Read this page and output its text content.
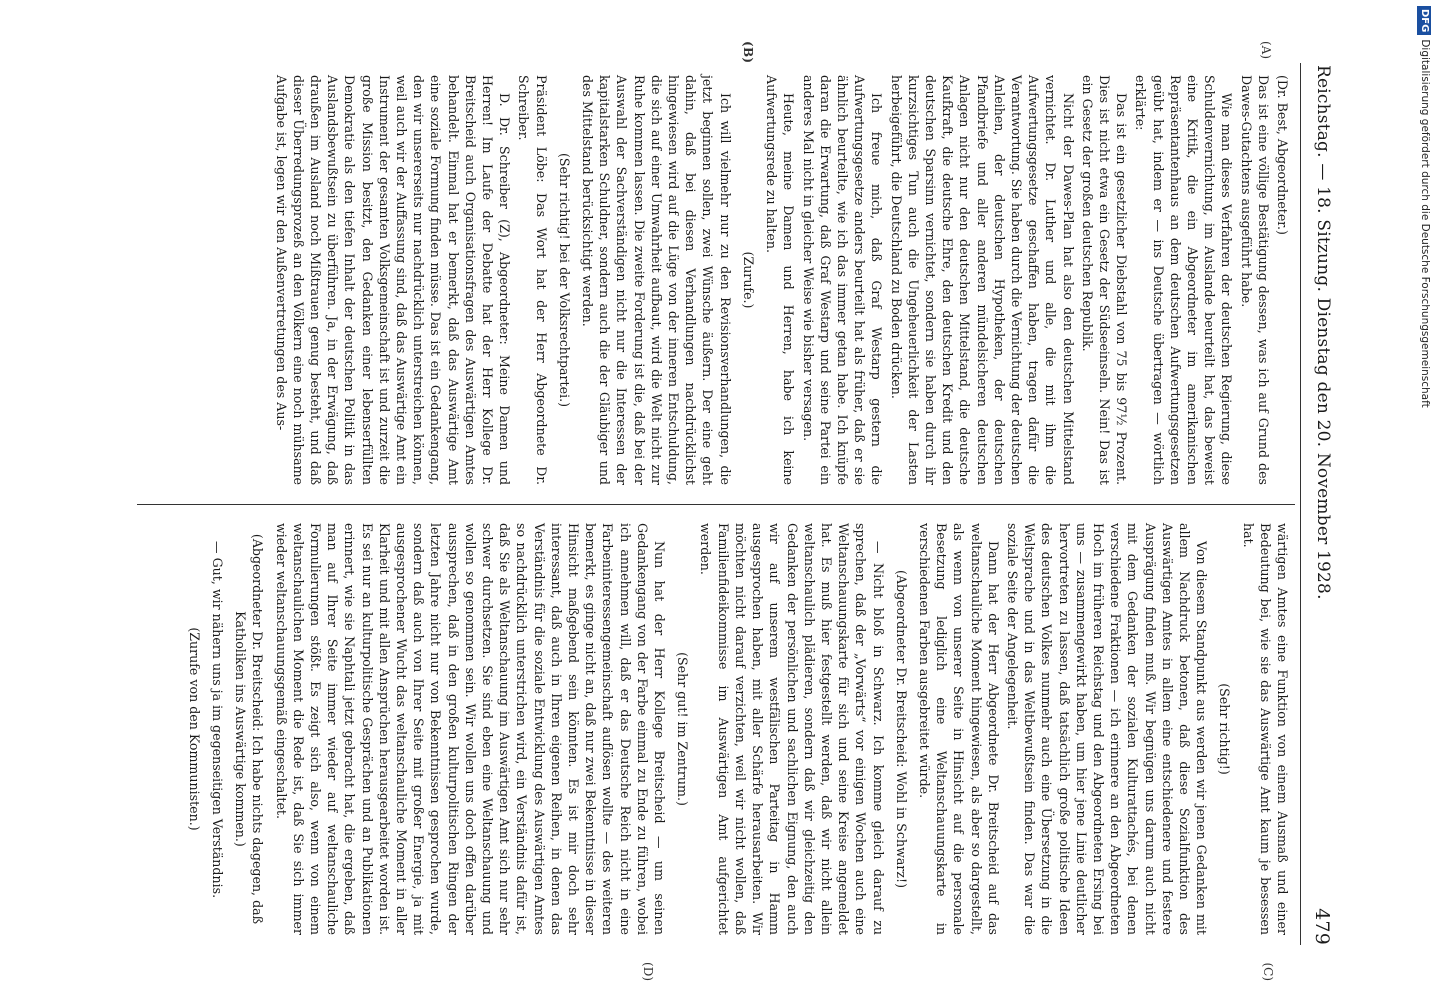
Reichstag. — 18. Sitzung. Dienstag den 20. November 1928.
479
(A)
(B)
(C)
(D)

(Dr. Best, Abgeordneter.)

Das ist eine völlige Bestätigung dessen, was ich auf Grund des Dawes-Gutachtens ausgeführt habe.

Wie man dieses Verfahren der deutschen Regierung, diese Schuldenvernichtung, im Auslande beurteilt hat, das beweist eine Kritik, die ein Abgeordneter im amerikanischen Repräsentantenhaus an dem deutschen Aufwertungsgesetzen geübt hat, indem er — ins Deutsche übertragen — wörtlich erklärte:

Das ist ein gesetzlicher Diebstahl von 75 bis 97½ Prozent. Dies ist nicht etwa ein Gesetz der Südseeinseln. Nein! Das ist ein Gesetz der großen deutschen Republik.

Nicht der Dawes-Plan hat also den deutschen Mittelstand vernichtet. Dr. Luther und alle, die mit ihm die Aufwertungsgesetze geschaffen haben, tragen dafür die Verantwortung. Sie haben durch die Vernichtung der deutschen Anleihen, der deutschen Hypotheken, der deutschen Pfandbriefe und aller anderen mündelsicheren deutschen Anlagen nicht nur den deutschen Mittelstand, die deutsche Kaufkraft, die deutsche Ehre, den deutschen Kredit und den deutschen Sparsinn vernichtet, sondern sie haben durch ihr kurzsichtiges Tun auch die Ungeheuerlichkeit der Lasten herbeigeführt, die Deutschland zu Boden drücken.

Ich freue mich, daß Graf Westarp gestern die Aufwertungsgesetze anders beurteilt hat als früher, daß er sie ähnlich beurteilte, wie ich das immer getan habe. Ich knüpfe daran die Erwartung, daß Graf Westarp und seine Partei ein anderes Mal nicht in gleicher Weise wie bisher versagen.

Heute, meine Damen und Herren, habe ich keine Aufwertungsrede zu halten.

(Zurufe.)

Ich will vielmehr nur zu den Revisionsverhandlungen, die jetzt beginnen sollen, zwei Wünsche äußern. Der eine geht dahin, daß bei diesen Verhandlungen nachdrücklichst hingewiesen wird auf die Lüge von der inneren Entschuldung, die sich auf einer Umwahrheit aufbaut, wird die Welt nicht zur Ruhe kommen lassen. Die zweite Forderung ist die, daß bei der Auswahl der Sachverständigen nicht nur die Interessen der kapitalstarken Schuldner, sondern auch die der Gläubiger und des Mittelstand berücksichtigt werden.

(Sehr richtig! bei der Volksrechtpartei.)

Präsident Löbe: Das Wort hat der Herr Abgeordnete Dr. Schreiber.

D. Dr. Schreiber (Z), Abgeordneter: Meine Damen und Herren! Im Laufe der Debatte hat der Herr Kollege Dr. Breitscheid auch Organisationsfragen des Auswärtigen Amtes behandelt. Einmal hat er bemerkt, daß das Auswärtige Amt eine soziale Formung finden müsse. Das ist ein Gedankengang, den wir unsererseits nur nachdrücklich unterstreichen können, weil auch wir der Auffassung sind, daß das Auswärtige Amt ein Instrument der gesamten Volksgemeinschaft ist und zurzeit die große Mission besitzt, den Gedanken einer lebenserfüllten Demokratie als den tiefen Inhalt der deutschen Politik in das Auslandsbewußtsein zu überführen. Ja, in der Erwägung, daß draußen im Ausland noch Mißtrauen genug besteht, und daß dieser Überredungsprozeß an den Völkern eine noch mühsame Aufgabe ist, legen wir den Außenvertretungen des Aus-

wärtigen Amtes eine Funktion von einem Ausmaß und einer Bedeutung bei, wie sie das Auswärtige Amt kaum je besessen hat.

(Sehr richtig!)

Von diesem Standpunkt aus werden wir jenen Gedanken mit allem Nachdruck betonen, daß diese Sozialfunktion des Auswärtigen Amtes in allem eine entschiedenere und festere Ausprägung finden muß. Wir begnügen uns darum auch nicht mit dem Gedanken der sozialen Kulturattachés, bei denen verschiedene Fraktionen — ich erinnere an den Abgeordneten Hoch im früheren Reichstag und den Abgeordneten Ersing bei uns — zusammengewirkt haben, um hier jene Linie deutlicher hervortreten zu lassen, daß tatsächlich große politische Ideen des deutschen Volkes nunmehr auch eine Übersetzung in die Weltsprache und in das Weltbewußtsein finden. Das war die soziale Seite der Angelegenheit.

Dann hat der Herr Abgeordnete Dr. Breitscheid auf das weltanschauliche Moment hingewiesen, als aber so dargestellt, als wenn von unserer Seite in Hinsicht auf die personale Besetzung lediglich eine Weltanschauungskarte in verschiedenen Farben ausgebreitet würde.

(Abgeordneter Dr. Breitscheid: Wohl in Schwarz!)

— Nicht bloß in Schwarz. Ich komme gleich darauf zu sprechen, daß der „Vorwärts“ vor einigen Wochen auch eine Weltanschauungskarte für sich und seine Kreise angemeldet hat. Es muß hier festgestellt werden, daß wir nicht allein weltanschaulich plädieren, sondern daß wir gleichzeitig den Gedanken der persönlichen und sachlichen Eignung, den auch wir auf unserem westfälischen Parteitag in Hamm ausgesprochen haben, mit aller Schärfe herausarbeiten. Wir möchten nicht darauf verzichten, weil wir nicht wollen, daß Familienfideikommisse im Auswärtigen Amt aufgerichtet werden.

(Sehr gut! im Zentrum.)

Nun hat der Herr Kollege Breitscheid — um seinen Gedankengang von der Farbe einmal zu Ende zu führen, wobei ich annehmen will, daß er das Deutsche Reich nicht in eine Farbeninteressengemeinschaft auflösen wollte — des weiteren bemerkt, es ginge nicht an, daß nur zwei Bekenntnisse in dieser Hinsicht maßgebend sein könnten. Es ist mir doch sehr interessant, daß auch in Ihren eigenen Reihen, in denen das Verständnis für die soziale Entwicklung des Auswärtigen Amtes so nachdrücklich unterstrichen wird, ein Verständnis dafür ist, daß Sie als Weltanschauung im Auswärtigen Amt sich nur sehr schwer durchsetzen. Sie sind eben eine Weltanschauung und wollen so genommen sein. Wir wollen uns doch offen darüber aussprechen, daß in den großen kulturpolitischen Ringen der letzten Jahre nicht nur von Bekenntnissen gesprochen wurde, sondern daß auch von Ihrer Seite mit großer Energie, ja mit ausgesprochener Wucht das weltanschauliche Moment in aller Klarheit und mit allen Ansprüchen herausgearbeitet worden ist. Es sei nur an kulturpolitische Gesprächen und an Publikationen erinnert, wie sie Naphtali jetzt gebracht hat, die ergeben, daß man auf Ihrer Seite immer wieder auf weltanschauliche Formulierungen stößt. Es zeigt sich also, wenn von einem weltanschaulichen Moment die Rede ist, daß Sie sich immer wieder weltanschauungsgemäß eingeschaltet.

(Abgeordneter Dr. Breitscheid: Ich habe nichts dagegen, daß Katholiken ins Auswärtige kommen.)

— Gut, wir nähern uns ja im gegenseitigen Verständnis.

(Zurufe von den Kommunisten.)

DFGDigitalisierung gefördert durch die Deutsche Forschungsgemeinschaft
